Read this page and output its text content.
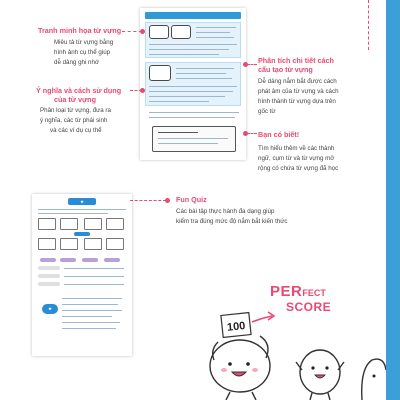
Tranh minh họa từ vựng
Miêu tả từ vựng bằng
hình ảnh cụ thể giúp
dễ dàng ghi nhớ
Ý nghĩa và cách sử dụng
của từ vựng
Phân loại từ vựng, đưa ra
ý nghĩa, các từ phái sinh
và các ví dụ cụ thể
Phân tích chi tiết cách
cấu tạo từ vựng
Dễ dàng nắm bắt được cách
phát âm của từ vựng và cách
hình thành từ vựng dựa trên
gốc từ
Bạn có biết!
Tìm hiểu thêm về các thành
ngữ, cụm từ và từ vựng mở
rộng có chứa từ vựng đã học
★
★
Fun Quiz
Các bài tập thực hành đa dạng giúp
kiểm tra đúng mức độ nắm bắt kiến thức
PERFECT
SCORE
100
